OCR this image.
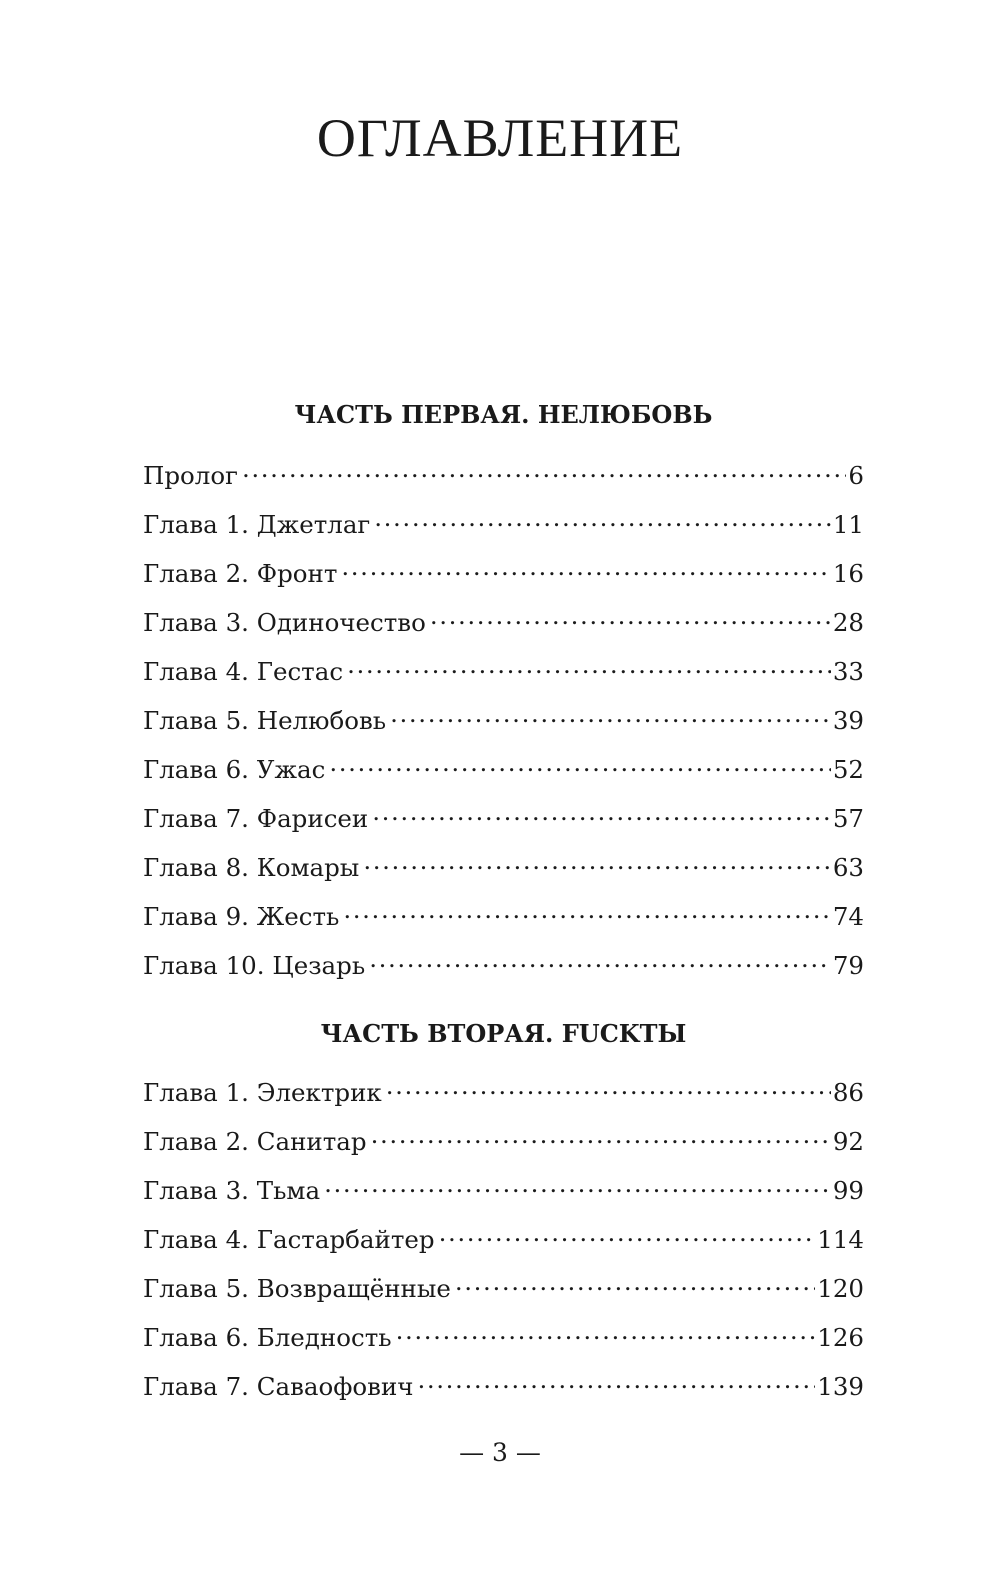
ОГЛАВЛЕНИЕ
ЧАСТЬ ПЕРВАЯ. НЕЛЮБОВЬ
Пролог .....	6
Глава 1. Джетлаг .....	11
Глава 2. Фронт .....	16
Глава 3. Одиночество .....	28
Глава 4. Гестас .....	33
Глава 5. Нелюбовь .....	39
Глава 6. Ужас .....	52
Глава 7. Фарисеи .....	57
Глава 8. Комары .....	63
Глава 9. Жесть .....	74
Глава 10. Цезарь .....	79
ЧАСТЬ ВТОРАЯ. FUCKТЫ
Глава 1. Электрик .....	86
Глава 2. Санитар .....	92
Глава 3. Тьма .....	99
Глава 4. Гастарбайтер .....	114
Глава 5. Возвращённые .....	120
Глава 6. Бледность .....	126
Глава 7. Саваофович .....	139
— 3 —
